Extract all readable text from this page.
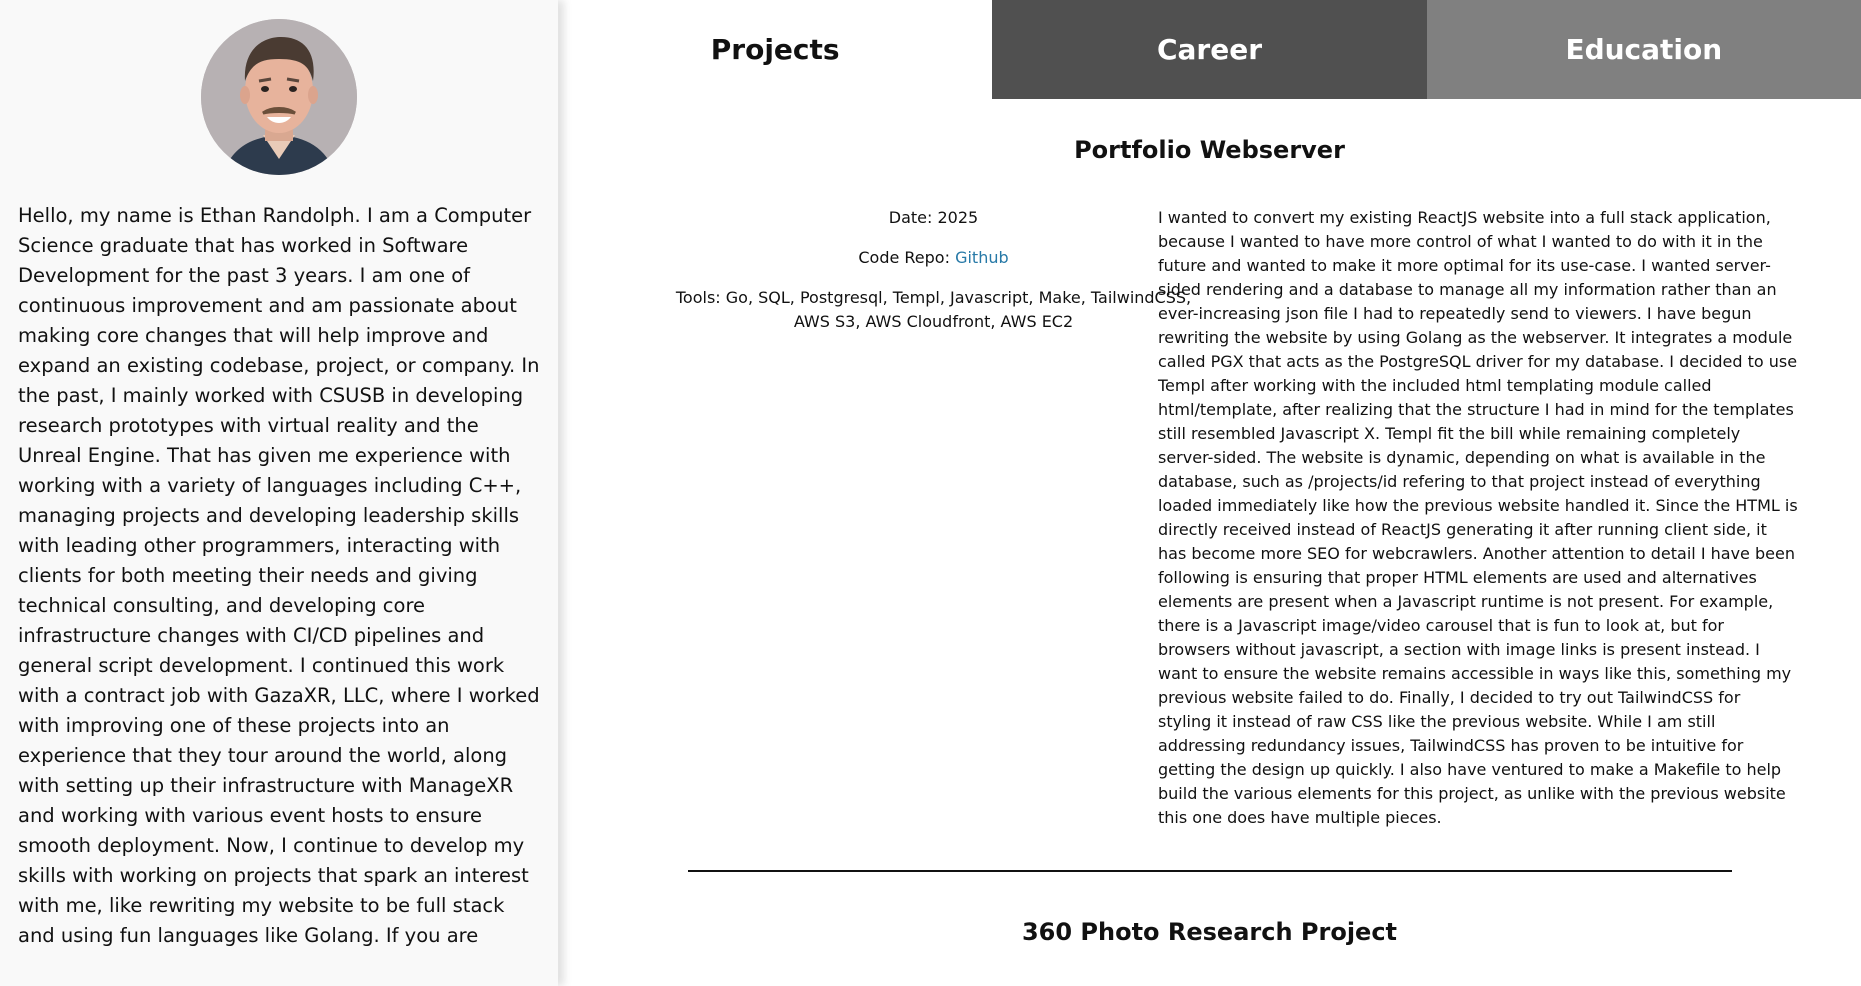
Hello, my name is Ethan Randolph. I am a Computer Science graduate that has worked in Software Development for the past 3 years. I am one of continuous improvement and am passionate about making core changes that will help improve and expand an existing codebase, project, or company. In the past, I mainly worked with CSUSB in developing research prototypes with virtual reality and the Unreal Engine. That has given me experience with working with a variety of languages including C++, managing projects and developing leadership skills with leading other programmers, interacting with clients for both meeting their needs and giving technical consulting, and developing core infrastructure changes with CI/CD pipelines and general script development. I continued this work with a contract job with GazaXR, LLC, where I worked with improving one of these projects into an experience that they tour around the world, along with setting up their infrastructure with ManageXR and working with various event hosts to ensure smooth deployment. Now, I continue to develop my skills with working on projects that spark an interest with me, like rewriting my website to be full stack and using fun languages like Golang. If you are

Projects	Career	Education
Portfolio Webserver

Date: 2025

Code Repo: Github

Tools: Go, SQL, Postgresql, Templ, Javascript, Make, TailwindCSS, AWS S3, AWS Cloudfront, AWS EC2

I wanted to convert my existing ReactJS website into a full stack application, because I wanted to have more control of what I wanted to do with it in the future and wanted to make it more optimal for its use-case. I wanted server-sided rendering and a database to manage all my information rather than an ever-increasing json file I had to repeatedly send to viewers. I have begun rewriting the website by using Golang as the webserver. It integrates a module called PGX that acts as the PostgreSQL driver for my database. I decided to use Templ after working with the included html templating module called html/template, after realizing that the structure I had in mind for the templates still resembled Javascript X. Templ fit the bill while remaining completely server-sided. The website is dynamic, depending on what is available in the database, such as /projects/id refering to that project instead of everything loaded immediately like how the previous website handled it. Since the HTML is directly received instead of ReactJS generating it after running client side, it has become more SEO for webcrawlers. Another attention to detail I have been following is ensuring that proper HTML elements are used and alternatives elements are present when a Javascript runtime is not present. For example, there is a Javascript image/video carousel that is fun to look at, but for browsers without javascript, a section with image links is present instead. I want to ensure the website remains accessible in ways like this, something my previous website failed to do. Finally, I decided to try out TailwindCSS for styling it instead of raw CSS like the previous website. While I am still addressing redundancy issues, TailwindCSS has proven to be intuitive for getting the design up quickly. I also have ventured to make a Makefile to help build the various elements for this project, as unlike with the previous website this one does have multiple pieces.

360 Photo Research Project
